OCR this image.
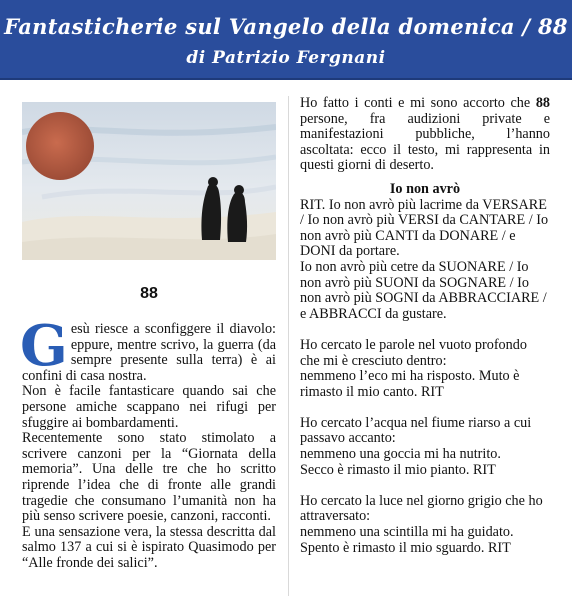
Fantasticherie sul Vangelo della domenica / 88
di Patrizio Fergnani
88
Gesù riesce a sconfiggere il diavolo: eppure, mentre scrivo, la guerra (da sempre presente sulla terra) è ai confini di casa nostra.

Non è facile fantasticare quando sai che persone amiche scappano nei rifugi per sfuggire ai bombardamenti.

Recentemente sono stato stimolato a scrivere canzoni per la “Giornata della memoria”. Una delle tre che ho scritto riprende l’idea che di fronte alle grandi tragedie che consumano l’umanità non ha più senso scrivere poesie, canzoni, racconti.

E una sensazione vera, la stessa descritta dal salmo 137 a cui si è ispirato Quasimodo per “Alle fronde dei salici”.

Ho fatto i conti e mi sono accorto che 88 persone, fra audizioni private e manifestazioni pubbliche, l’hanno ascoltata: ecco il testo, mi rappresenta in questi giorni di deserto.

Io non avrò

RIT. Io non avrò più lacrime da VERSARE / Io non avrò più VERSI da CANTARE / Io non avrò più CANTI da DONARE / e DONI da portare.

Io non avrò più cetre da SUONARE / Io non avrò più SUONI da SOGNARE / Io non avrò più SOGNI da ABBRACCIARE / e ABBRACCI da gustare.

Ho cercato le parole nel vuoto profondo che mi è cresciuto dentro:

nemmeno l’eco mi ha risposto. Muto è rimasto il mio canto. RIT

Ho cercato l’acqua nel fiume riarso a cui passavo accanto:

nemmeno una goccia mi ha nutrito.

Secco è rimasto il mio pianto. RIT

Ho cercato la luce nel giorno grigio che ho attraversato:

nemmeno una scintilla mi ha guidato.

Spento è rimasto il mio sguardo. RIT
